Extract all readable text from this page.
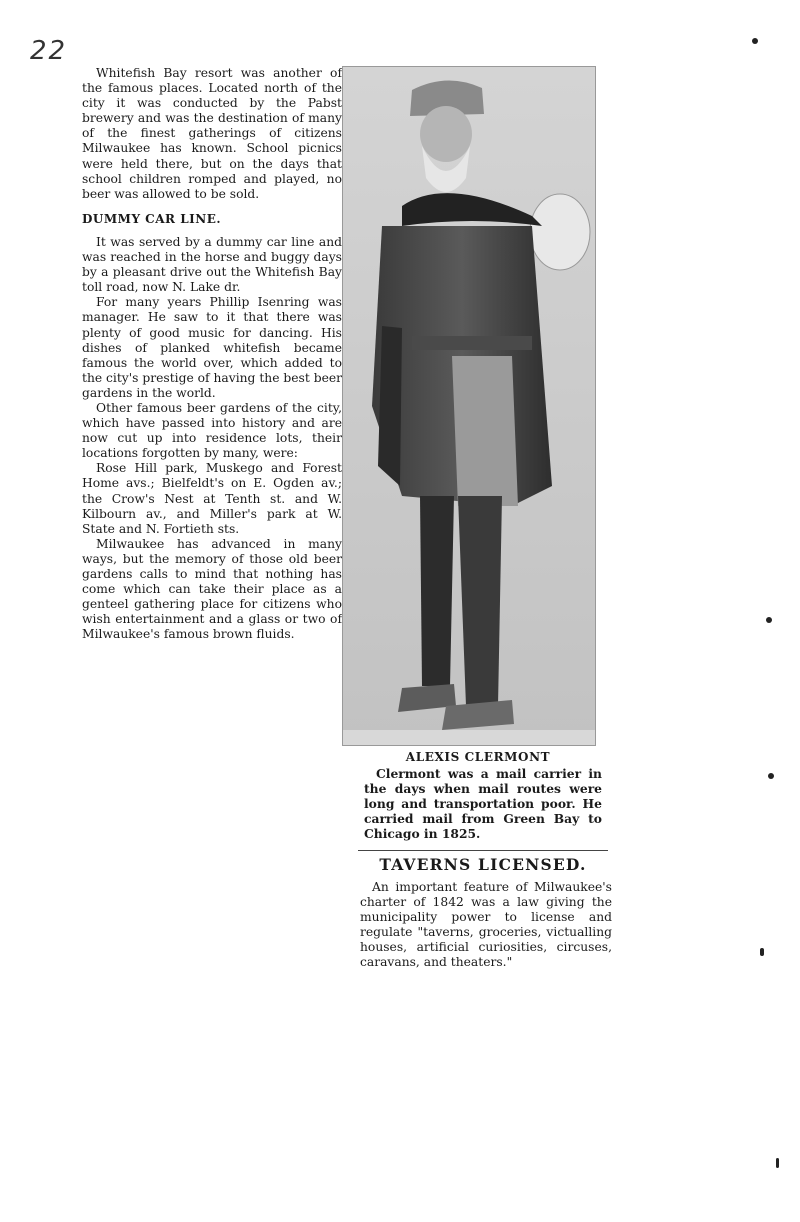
22

Whitefish Bay resort was another of the famous places. Located north of the city it was conducted by the Pabst brewery and was the destination of many of the finest gatherings of citizens Milwaukee has known. School picnics were held there, but on the days that school children romped and played, no beer was allowed to be sold.

DUMMY CAR LINE.

It was served by a dummy car line and was reached in the horse and buggy days by a pleasant drive out the Whitefish Bay toll road, now N. Lake dr.

For many years Phillip Isenring was manager. He saw to it that there was plenty of good music for dancing. His dishes of planked whitefish became famous the world over, which added to the city's prestige of having the best beer gardens in the world.

Other famous beer gardens of the city, which have passed into history and are now cut up into residence lots, their locations forgotten by many, were:

Rose Hill park, Muskego and Forest Home avs.; Bielfeldt's on E. Ogden av.; the Crow's Nest at Tenth st. and W. Kilbourn av., and Miller's park at W. State and N. Fortieth sts.

Milwaukee has advanced in many ways, but the memory of those old beer gardens calls to mind that nothing has come which can take their place as a genteel gathering place for citizens who wish entertainment and a glass or two of Milwaukee's famous brown fluids.

ALEXIS CLERMONT

Clermont was a mail carrier in the days when mail routes were long and transportation poor. He carried mail from Green Bay to Chicago in 1825.

TAVERNS LICENSED.

An important feature of Milwaukee's charter of 1842 was a law giving the municipality power to license and regulate "taverns, groceries, victualling houses, artificial curiosities, circuses, caravans, and theaters."
